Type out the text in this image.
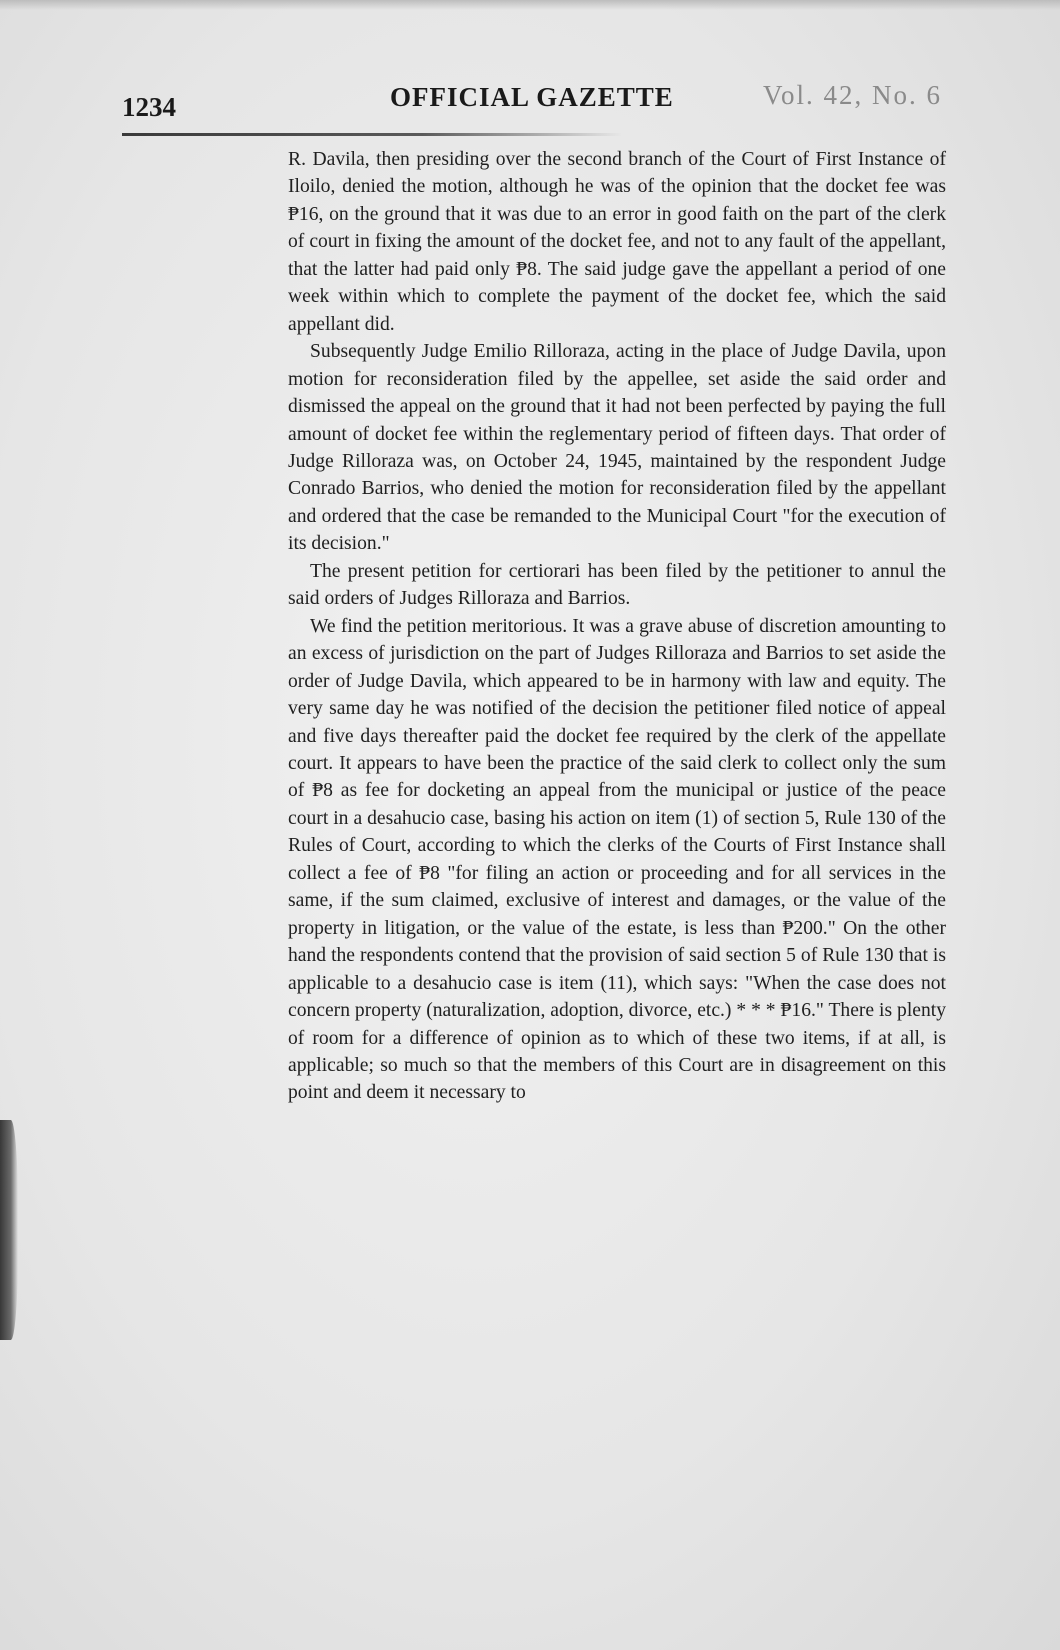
1234	OFFICIAL GAZETTE	Vol. 42, No. 6

R. Davila, then presiding over the second branch of the Court of First Instance of Iloilo, denied the motion, although he was of the opinion that the docket fee was ₱16, on the ground that it was due to an error in good faith on the part of the clerk of court in fixing the amount of the docket fee, and not to any fault of the appellant, that the latter had paid only ₱8. The said judge gave the appellant a period of one week within which to complete the payment of the docket fee, which the said appellant did.

Subsequently Judge Emilio Rilloraza, acting in the place of Judge Davila, upon motion for reconsideration filed by the appellee, set aside the said order and dismissed the appeal on the ground that it had not been perfected by paying the full amount of docket fee within the reglementary period of fifteen days. That order of Judge Rilloraza was, on October 24, 1945, maintained by the respondent Judge Conrado Barrios, who denied the motion for reconsideration filed by the appellant and ordered that the case be remanded to the Municipal Court "for the execution of its decision."

The present petition for certiorari has been filed by the petitioner to annul the said orders of Judges Rilloraza and Barrios.

We find the petition meritorious. It was a grave abuse of discretion amounting to an excess of jurisdiction on the part of Judges Rilloraza and Barrios to set aside the order of Judge Davila, which appeared to be in harmony with law and equity. The very same day he was notified of the decision the petitioner filed notice of appeal and five days thereafter paid the docket fee required by the clerk of the appellate court. It appears to have been the practice of the said clerk to collect only the sum of ₱8 as fee for docketing an appeal from the municipal or justice of the peace court in a desahucio case, basing his action on item (1) of section 5, Rule 130 of the Rules of Court, according to which the clerks of the Courts of First Instance shall collect a fee of ₱8 "for filing an action or proceeding and for all services in the same, if the sum claimed, exclusive of interest and damages, or the value of the property in litigation, or the value of the estate, is less than ₱200." On the other hand the respondents contend that the provision of said section 5 of Rule 130 that is applicable to a desahucio case is item (11), which says: "When the case does not concern property (naturalization, adoption, divorce, etc.) * * * ₱16." There is plenty of room for a difference of opinion as to which of these two items, if at all, is applicable; so much so that the members of this Court are in disagreement on this point and deem it necessary to
